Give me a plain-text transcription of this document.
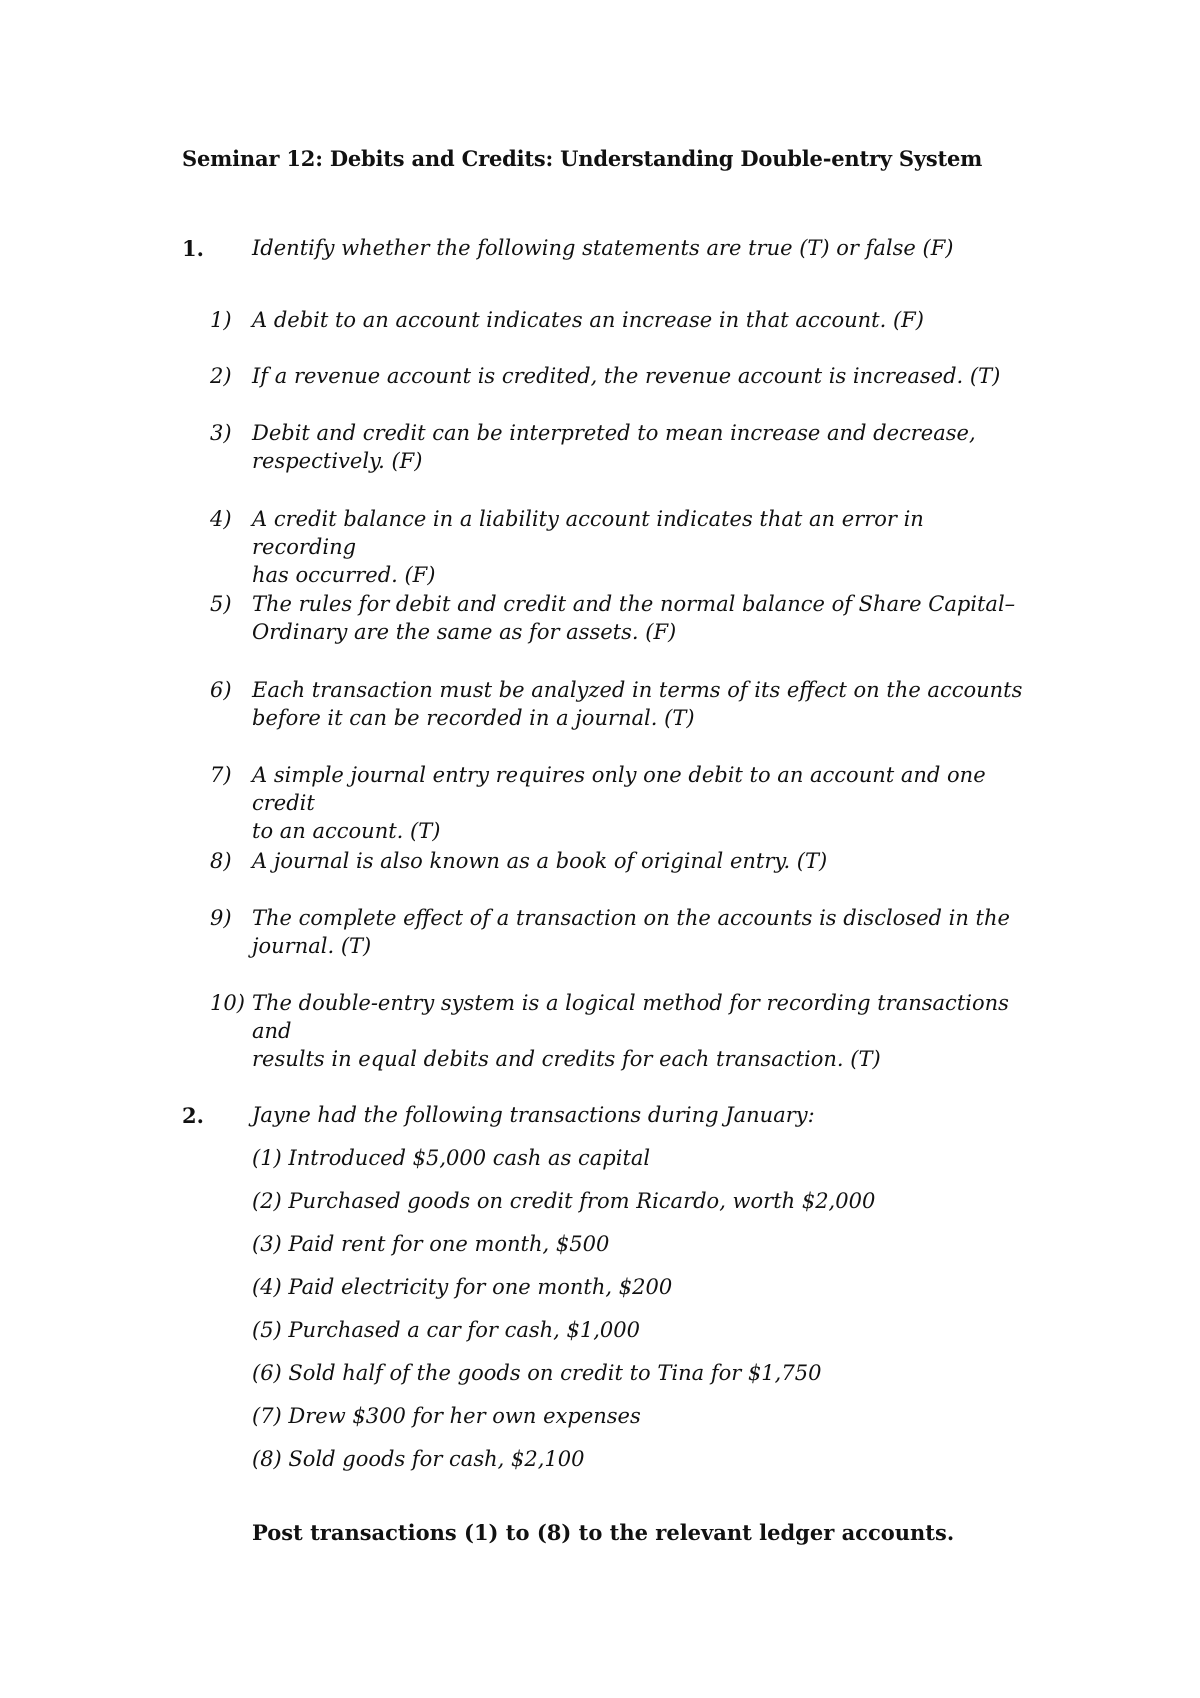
Seminar 12: Debits and Credits: Understanding Double-entry System
1. Identify whether the following statements are true (T) or false (F)
1) A debit to an account indicates an increase in that account. (F)
2) If a revenue account is credited, the revenue account is increased. (T)
3) Debit and credit can be interpreted to mean increase and decrease,
respectively. (F)
4) A credit balance in a liability account indicates that an error in recording
has occurred. (F)
5) The rules for debit and credit and the normal balance of Share Capital–
Ordinary are the same as for assets. (F)
6) Each transaction must be analyzed in terms of its effect on the accounts
before it can be recorded in a journal. (T)
7) A simple journal entry requires only one debit to an account and one credit
to an account. (T)
8) A journal is also known as a book of original entry. (T)
9) The complete effect of a transaction on the accounts is disclosed in the
journal. (T)
10) The double-entry system is a logical method for recording transactions and
results in equal debits and credits for each transaction. (T)
2. Jayne had the following transactions during January:
(1) Introduced $5,000 cash as capital
(2) Purchased goods on credit from Ricardo, worth $2,000
(3) Paid rent for one month, $500
(4) Paid electricity for one month, $200
(5) Purchased a car for cash, $1,000
(6) Sold half of the goods on credit to Tina for $1,750
(7) Drew $300 for her own expenses
(8) Sold goods for cash, $2,100
Post transactions (1) to (8) to the relevant ledger accounts.
